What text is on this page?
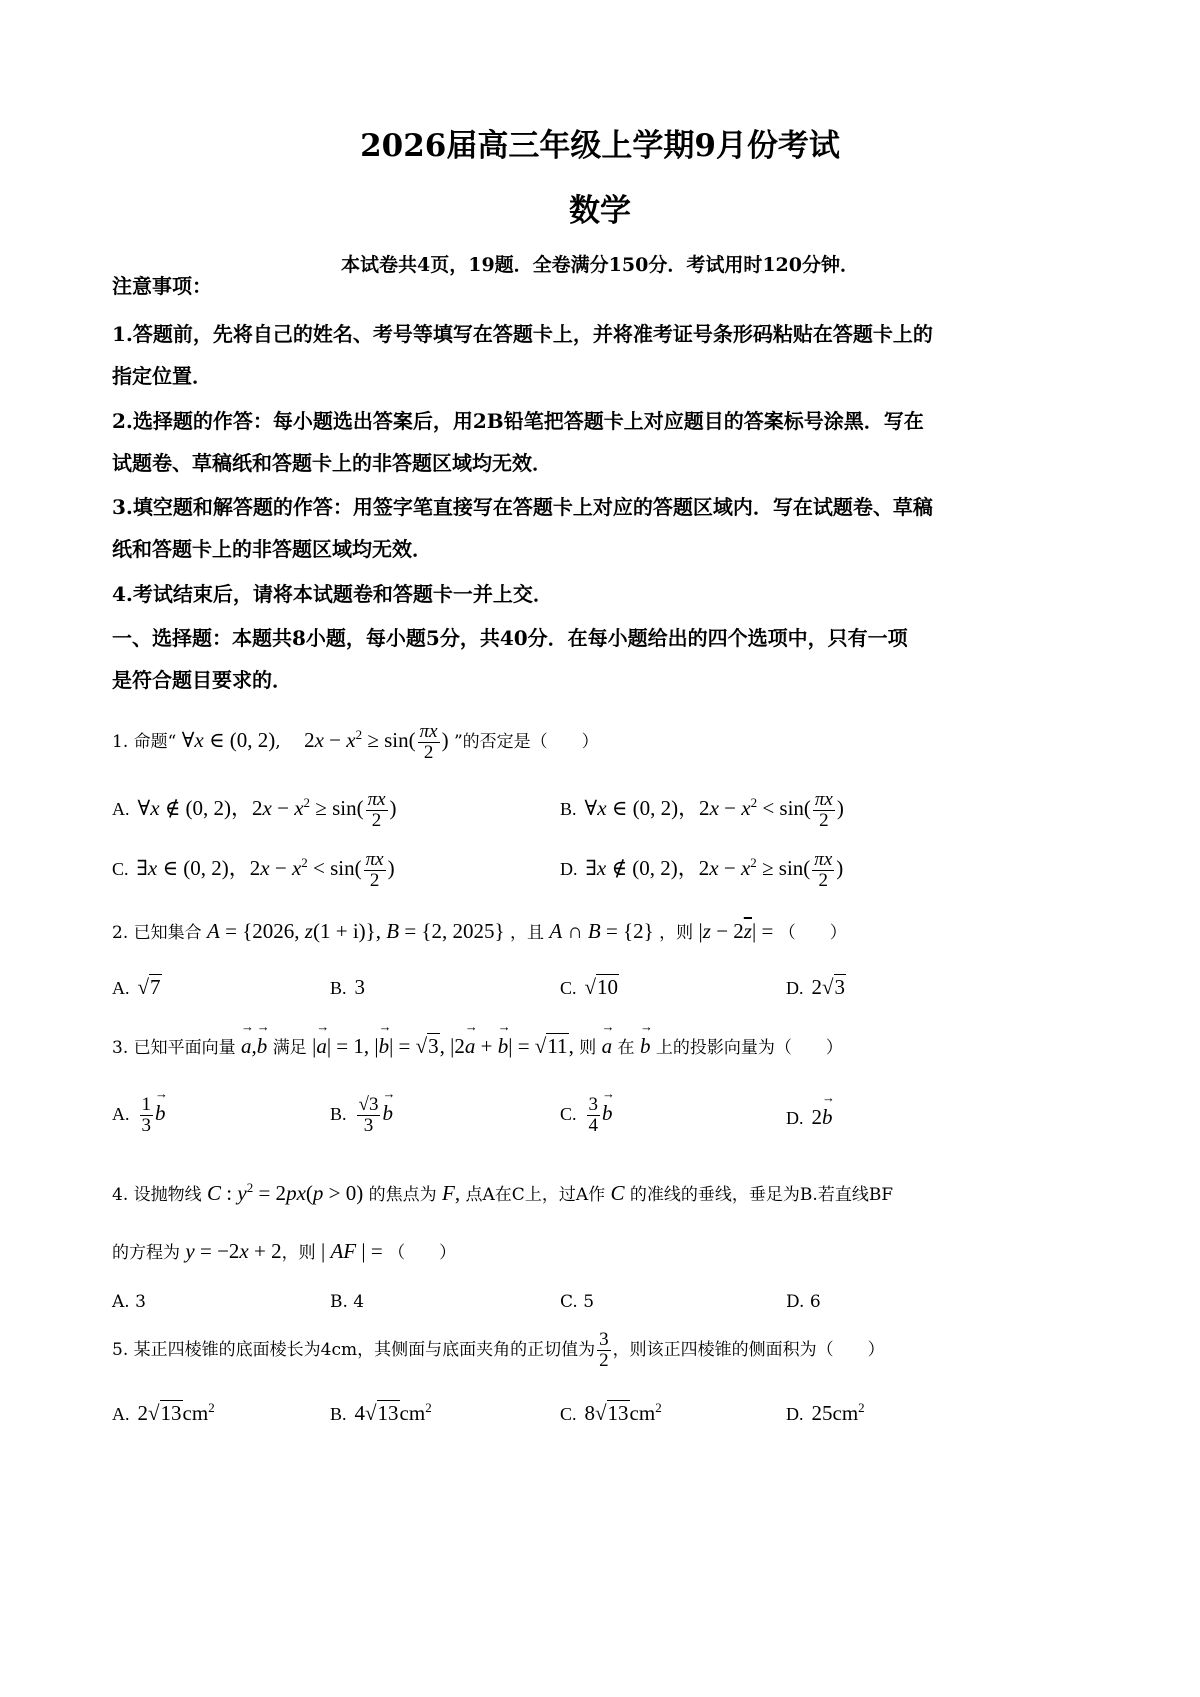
2026届高三年级上学期9月份考试
数学
本试卷共4页，19题．全卷满分150分．考试用时120分钟．
注意事项：
1.答题前，先将自己的姓名、考号等填写在答题卡上，并将准考证号条形码粘贴在答题卡上的
指定位置．
2.选择题的作答：每小题选出答案后，用2B铅笔把答题卡上对应题目的答案标号涂黑．写在
试题卷、草稿纸和答题卡上的非答题区域均无效．
3.填空题和解答题的作答：用签字笔直接写在答题卡上对应的答题区域内．写在试题卷、草稿
纸和答题卡上的非答题区域均无效．
4.考试结束后，请将本试题卷和答题卡一并上交．
一、选择题：本题共8小题，每小题5分，共40分．在每小题给出的四个选项中，只有一项
是符合题目要求的．
1. 命题“ ∀x ∈ (0, 2), $2x - x^2 \ge \sin( \frac{\pi x}{2}$ ) ”的否定是（　　）
A. ∀x ∉ (0, 2)，$2x - x^2 \ge \sin( \frac{\pi x}{2}$ )	B. ∀x ∈ (0, 2)，$2x - x^2 < \sin( \frac{\pi x}{2}$ )
C. ∃x ∈ (0, 2)，$2x - x^2 < \sin( \frac{\pi x}{2}$ )	D. ∃x ∉ (0, 2)，$2x - x^2 \ge \sin( \frac{\pi x}{2}$ )
2. 已知集合 A = {2026, z(1 + i)}, B = {2, 2025} ，且 A ∩ B = {2} ，则 $|z - 2\overline{z}|$ = （　　）
A. √7	B. 3	C. √10	D. 2√3
3. 已知平面向量 → a,→ b 满足 |→ a| = 1, |→ b| = √3, |2→ a + → b| = √11, 则 → a 在 → b 上的投影向量为（　　）
A. $\frac{1}{3} \to b$	B. $\frac{√3}{3} \to b$	C. $\frac{3}{4} \to b$	D. 2→ b
4. 设抛物线 C : $y^2 = 2px(p > 0)$ 的焦点为 F, 点A在C上，过A作 C 的准线的垂线，垂足为B.若直线BF
的方程为 y = −2x + 2，则 | AF | = （　　）
A. 3	B. 4	C. 5	D. 6
5. 某正四棱锥的底面棱长为4cm，其侧面与底面夹角的正切值为 $\frac{3}{2}$ ，则该正四棱锥的侧面积为（　　）
A. $2√13cm^2$	B. $4√13cm^2$	C. $8√13cm^2$	D. $25cm^2$
